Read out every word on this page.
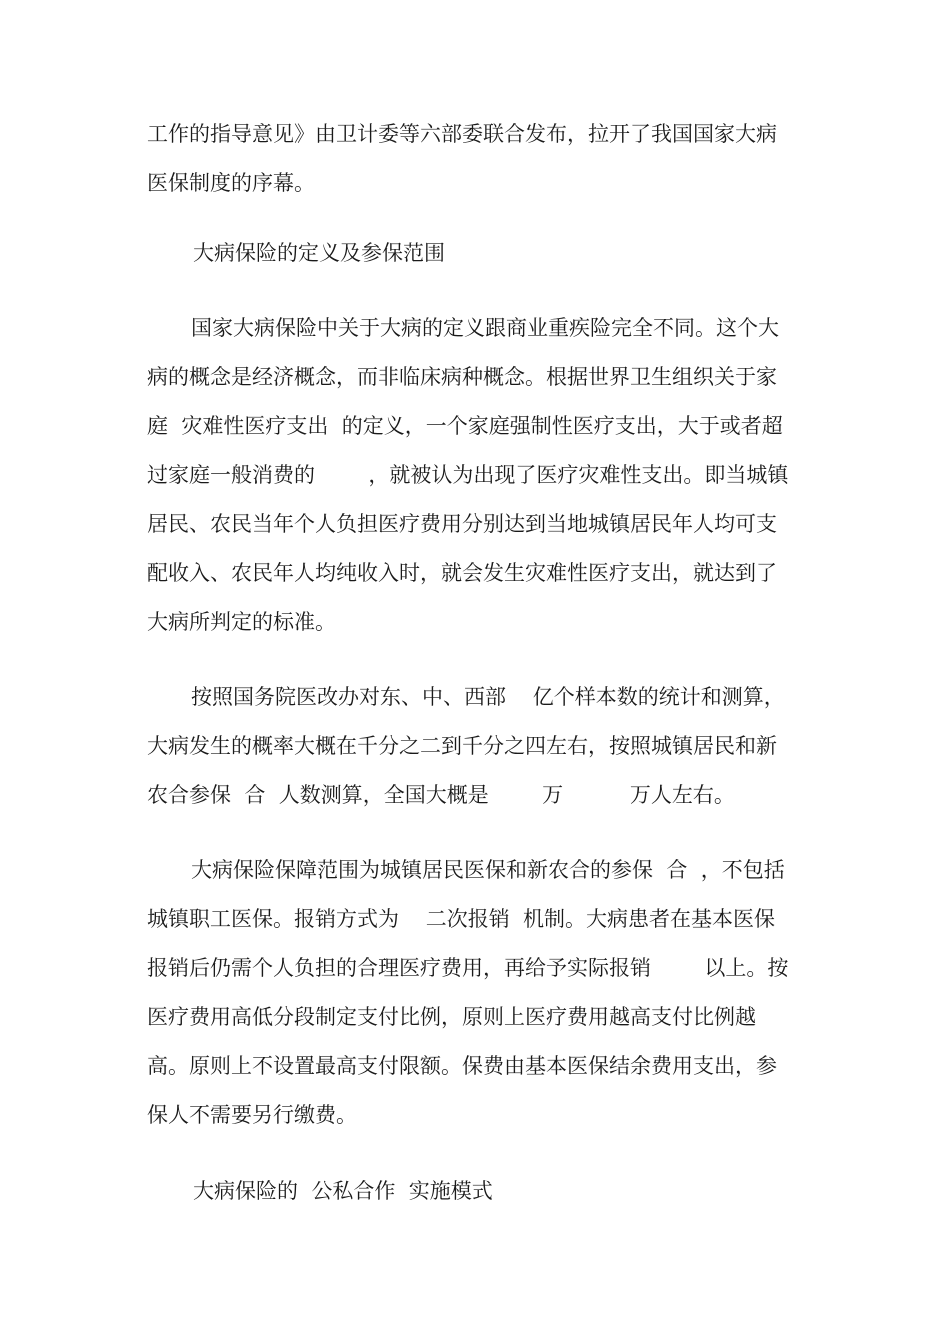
工作的指导意见》由卫计委等六部委联合发布，拉开了我国国家大病
医保制度的序幕。
大病保险的定义及参保范围
国家大病保险中关于大病的定义跟商业重疾险完全不同。这个大
病的概念是经济概念，而非临床病种概念。根据世界卫生组织关于家
庭  灾难性医疗支出  的定义，一个家庭强制性医疗支出，大于或者超
过家庭一般消费的        ，就被认为出现了医疗灾难性支出。即当城镇
居民、农民当年个人负担医疗费用分别达到当地城镇居民年人均可支
配收入、农民年人均纯收入时，就会发生灾难性医疗支出，就达到了
大病所判定的标准。
按照国务院医改办对东、中、西部    亿个样本数的统计和测算，
大病发生的概率大概在千分之二到千分之四左右，按照城镇居民和新
农合参保  合  人数测算，全国大概是        万          万人左右。
大病保险保障范围为城镇居民医保和新农合的参保  合  ，不包括
城镇职工医保。报销方式为    二次报销  机制。大病患者在基本医保
报销后仍需个人负担的合理医疗费用，再给予实际报销        以上。按
医疗费用高低分段制定支付比例，原则上医疗费用越高支付比例越
高。原则上不设置最高支付限额。保费由基本医保结余费用支出，参
保人不需要另行缴费。
大病保险的  公私合作  实施模式
